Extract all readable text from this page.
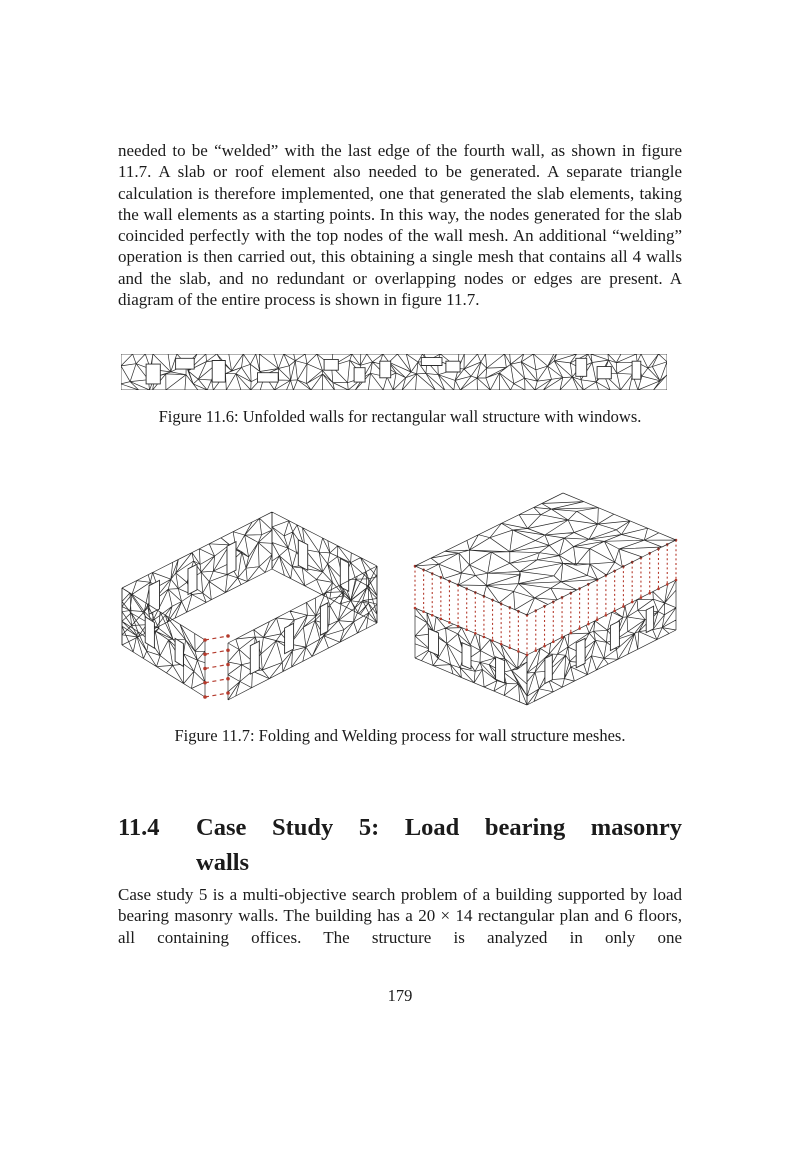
needed to be “welded” with the last edge of the fourth wall, as shown in figure 11.7. A slab or roof element also needed to be generated. A separate triangle calculation is therefore implemented, one that generated the slab elements, taking the wall elements as a starting points. In this way, the nodes generated for the slab coincided perfectly with the top nodes of the wall mesh. An additional “welding” operation is then carried out, this obtaining a single mesh that contains all 4 walls and the slab, and no redundant or overlapping nodes or edges are present. A diagram of the entire process is shown in figure 11.7.
Figure 11.6: Unfolded walls for rectangular wall structure with windows.
Figure 11.7: Folding and Welding process for wall structure meshes.
11.4	Case Study 5: Load bearing masonry
walls
Case study 5 is a multi-objective search problem of a building supported by load bearing masonry walls. The building has a 20 × 14 rectangular plan and 6 floors, all containing offices. The structure is analyzed in only one
179
